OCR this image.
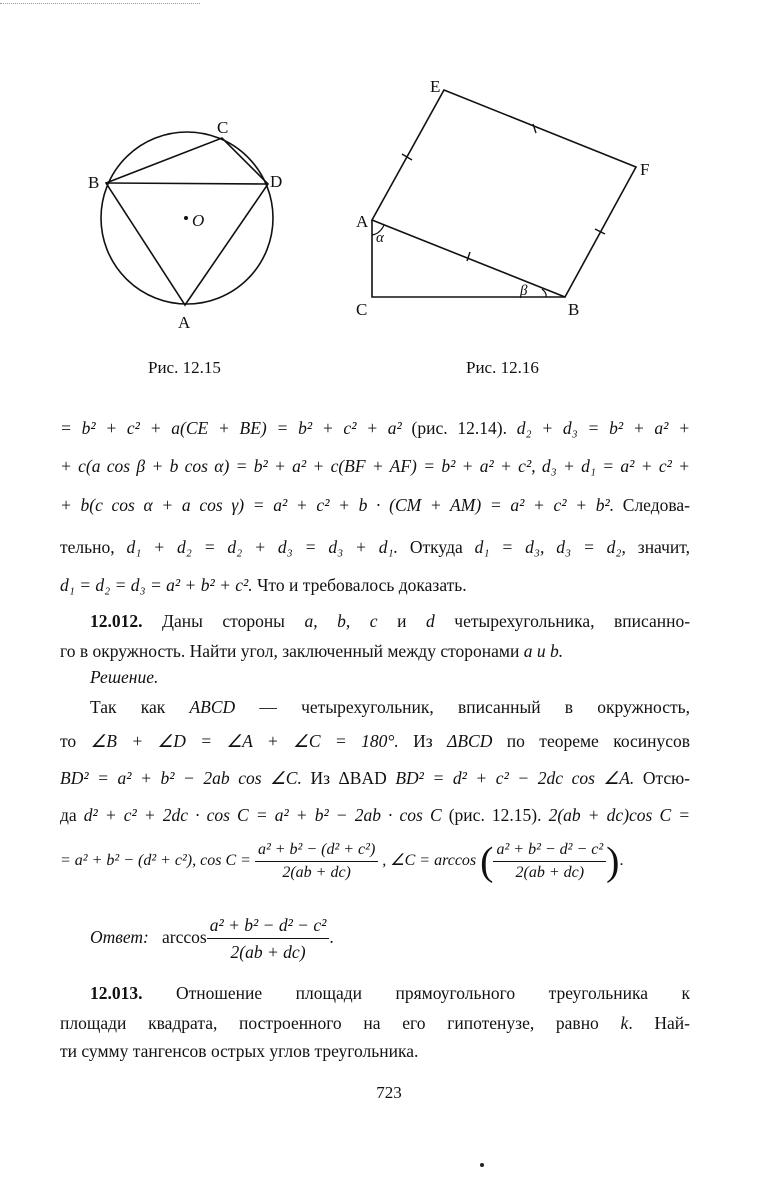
C
B	D
O
A
Рис. 12.15
E
F
A
α
C
β
B
Рис. 12.16
= b² + c² + a(CE + BE) = b² + c² + a² (рис. 12.14). d₂ + d₃ = b² + a² +
+ c(a cos β + b cos α) = b² + a² + c(BF + AF) = b² + a² + c², d₃ + d₁ = a² + c² +
+ b(c cos α + a cos γ) = a² + c² + b · (CM + AM) = a² + c² + b². Следова-
тельно, d₁ + d₂ = d₂ + d₃ = d₃ + d₁. Откуда d₁ = d₃, d₃ = d₂, значит,
d₁ = d₂ = d₃ = a² + b² + c². Что и требовалось доказать.
12.012. Даны стороны a, b, c и d четырехугольника, вписанно-
го в окружность. Найти угол, заключенный между сторонами a и b.
Решение.
Так как ABCD — четырехугольник, вписанный в окружность,
то ∠B + ∠D = ∠A + ∠C = 180°. Из ΔBCD по теореме косинусов
BD² = a² + b² − 2ab cos ∠C. Из ΔBAD BD² = d² + c² − 2dc cos ∠A. Отсю-
да d² + c² + 2dc · cos C = a² + b² − 2ab · cos C (рис. 12.15). 2(ab + dc)cos C =
= a² + b² − (d² + c²), $\cos C = \frac{\text{a² + b² − (d² + c²)}}{2(ab + dc)}$ , ∠C = arccos ( $\frac{\text{a² + b² − d² − c²}}{2(ab + dc)}$ ).
Ответ: $\arccos \frac{\text{a² + b² − d² − c²}}{2(ab + dc)}$ .
12.013. Отношение площади прямоугольного треугольника к
площади квадрата, построенного на его гипотенузе, равно k. Най-
ти сумму тангенсов острых углов треугольника.
723
